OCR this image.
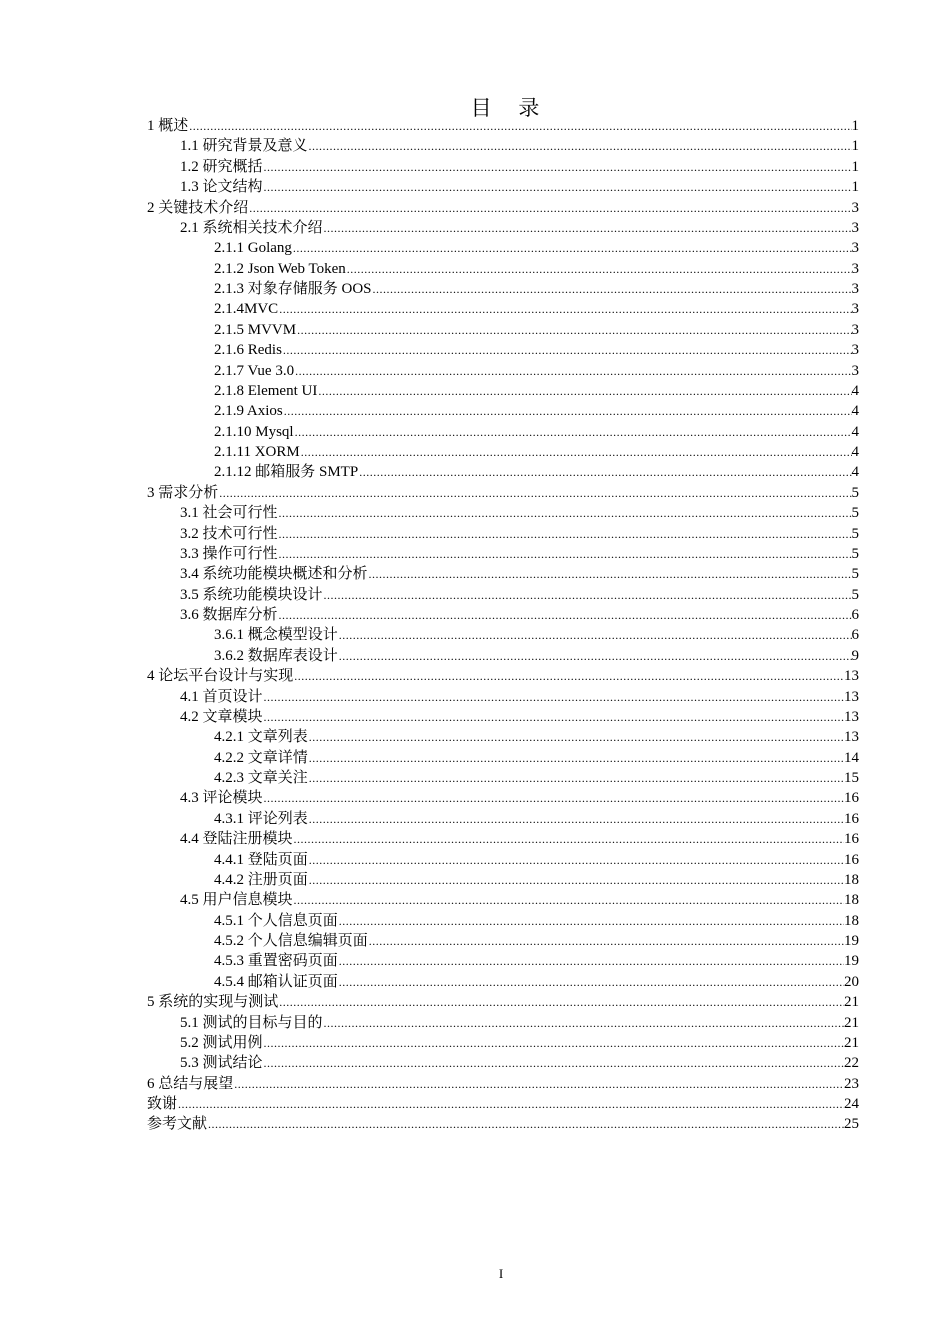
目 录
1 概述 .....	1
1.1 研究背景及意义 .....	1
1.2 研究概括 .....	1
1.3 论文结构 .....	1
2 关键技术介绍 .....	3
2.1 系统相关技术介绍 .....	3
2.1.1 Golang .....	3
2.1.2 Json Web Token .....	3
2.1.3 对象存储服务 OOS .....	3
2.1.4MVC .....	3
2.1.5 MVVM .....	3
2.1.6 Redis .....	3
2.1.7 Vue 3.0 .....	3
2.1.8 Element UI .....	4
2.1.9 Axios .....	4
2.1.10 Mysql .....	4
2.1.11 XORM .....	4
2.1.12 邮箱服务 SMTP .....	4
3 需求分析 .....	5
3.1 社会可行性 .....	5
3.2 技术可行性 .....	5
3.3 操作可行性 .....	5
3.4 系统功能模块概述和分析 .....	5
3.5 系统功能模块设计 .....	5
3.6 数据库分析 .....	6
3.6.1 概念模型设计 .....	6
3.6.2 数据库表设计 .....	9
4 论坛平台设计与实现 .....	13
4.1 首页设计 .....	13
4.2 文章模块 .....	13
4.2.1 文章列表 .....	13
4.2.2 文章详情 .....	14
4.2.3 文章关注 .....	15
4.3 评论模块 .....	16
4.3.1 评论列表 .....	16
4.4 登陆注册模块 .....	16
4.4.1 登陆页面 .....	16
4.4.2 注册页面 .....	18
4.5 用户信息模块 .....	18
4.5.1 个人信息页面 .....	18
4.5.2 个人信息编辑页面 .....	19
4.5.3 重置密码页面 .....	19
4.5.4 邮箱认证页面 .....	20
5 系统的实现与测试 .....	21
5.1 测试的目标与目的 .....	21
5.2 测试用例 .....	21
5.3 测试结论 .....	22
6 总结与展望 .....	23
致谢 .....	24
参考文献 .....	25
I
